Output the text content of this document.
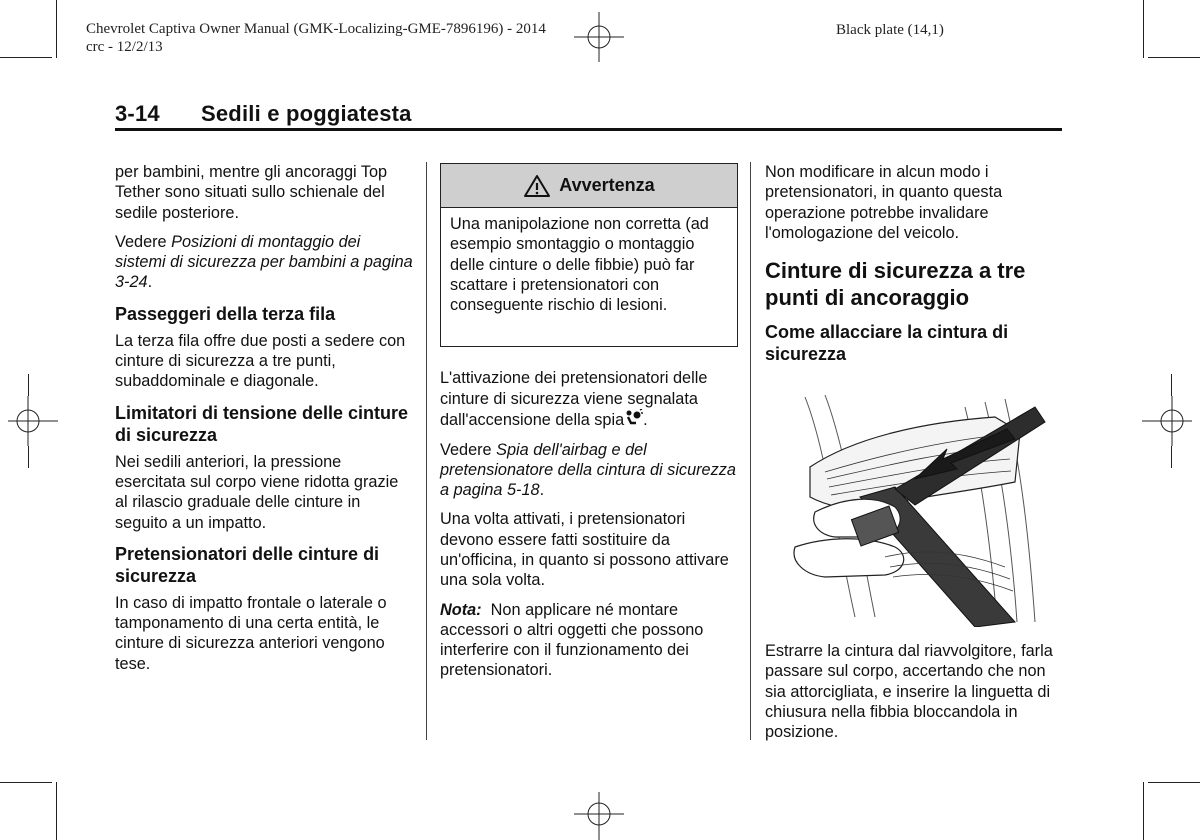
Chevrolet Captiva Owner Manual (GMK-Localizing-GME-7896196) - 2014
crc - 12/2/13
Black plate (14,1)
3-14 Sedili e poggiatesta

per bambini, mentre gli ancoraggi Top Tether sono situati sullo schienale del sedile posteriore.

Vedere Posizioni di montaggio dei sistemi di sicurezza per bambini a pagina 3-24.

Passeggeri della terza fila

La terza fila offre due posti a sedere con cinture di sicurezza a tre punti, subaddominale e diagonale.

Limitatori di tensione delle cinture di sicurezza

Nei sedili anteriori, la pressione esercitata sul corpo viene ridotta grazie al rilascio graduale delle cinture in seguito a un impatto.

Pretensionatori delle cinture di sicurezza

In caso di impatto frontale o laterale o tamponamento di una certa entità, le cinture di sicurezza anteriori vengono tese.

Avvertenza
Una manipolazione non corretta (ad esempio smontaggio o montaggio delle cinture o delle fibbie) può far scattare i pretensionatori con conseguente rischio di lesioni.

L'attivazione dei pretensionatori delle cinture di sicurezza viene segnalata dall'accensione della spia .

Vedere Spia dell'airbag e del pretensionatore della cintura di sicurezza a pagina 5-18.

Una volta attivati, i pretensionatori devono essere fatti sostituire da un'officina, in quanto si possono attivare una sola volta.

Nota: Non applicare né montare accessori o altri oggetti che possono interferire con il funzionamento dei pretensionatori.

Non modificare in alcun modo i pretensionatori, in quanto questa operazione potrebbe invalidare l'omologazione del veicolo.

Cinture di sicurezza a tre punti di ancoraggio
Come allacciare la cintura di sicurezza

Estrarre la cintura dal riavvolgitore, farla passare sul corpo, accertando che non sia attorcigliata, e inserire la linguetta di chiusura nella fibbia bloccandola in posizione.
